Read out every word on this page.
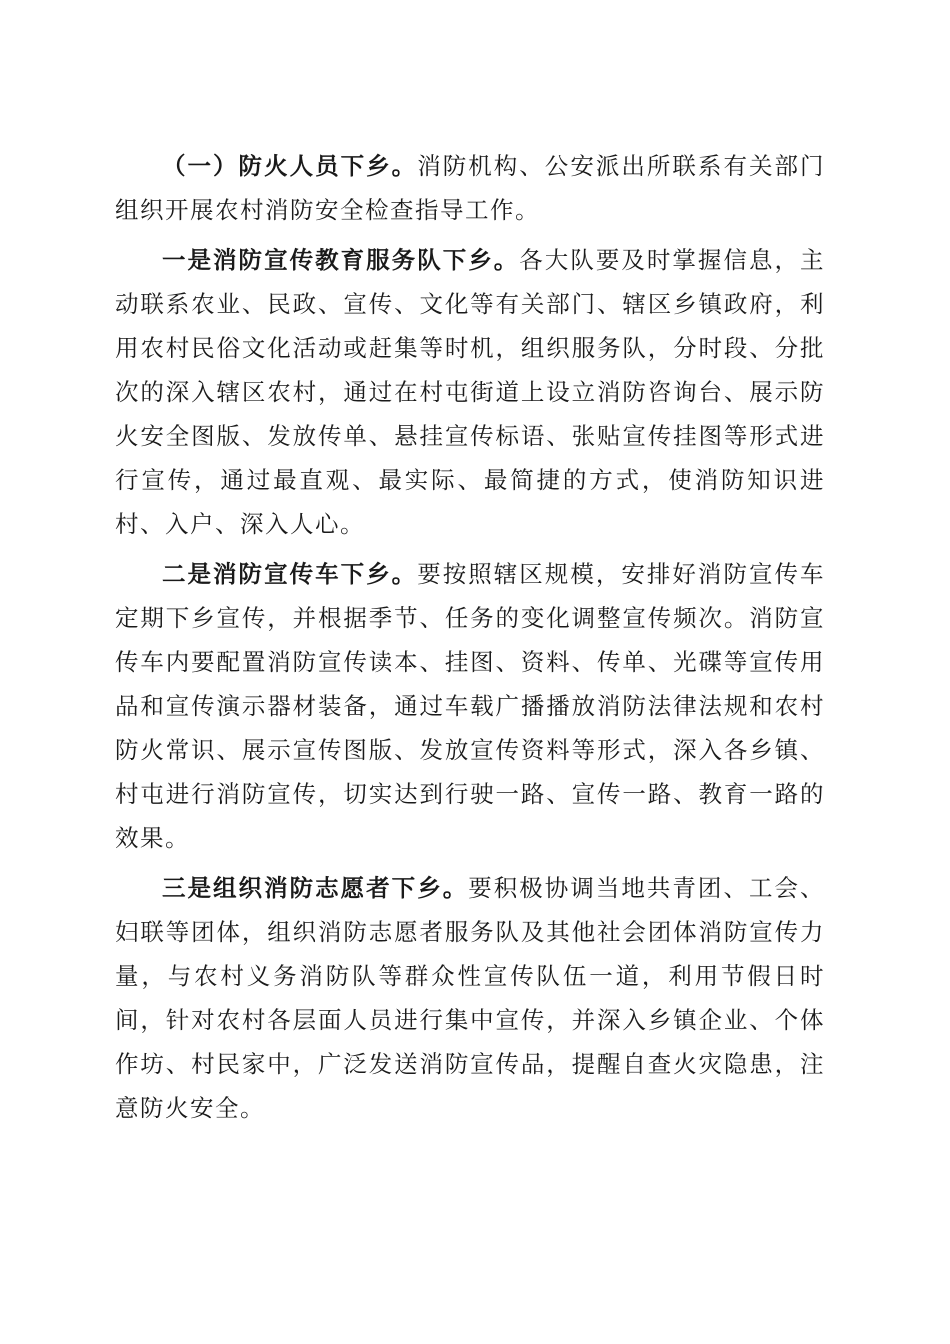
（一）防火人员下乡。消防机构、公安派出所联系有关部门组织开展农村消防安全检查指导工作。

一是消防宣传教育服务队下乡。各大队要及时掌握信息，主动联系农业、民政、宣传、文化等有关部门、辖区乡镇政府，利用农村民俗文化活动或赶集等时机，组织服务队，分时段、分批次的深入辖区农村，通过在村屯街道上设立消防咨询台、展示防火安全图版、发放传单、悬挂宣传标语、张贴宣传挂图等形式进行宣传，通过最直观、最实际、最简捷的方式，使消防知识进村、入户、深入人心。

二是消防宣传车下乡。要按照辖区规模，安排好消防宣传车定期下乡宣传，并根据季节、任务的变化调整宣传频次。消防宣传车内要配置消防宣传读本、挂图、资料、传单、光碟等宣传用品和宣传演示器材装备，通过车载广播播放消防法律法规和农村防火常识、展示宣传图版、发放宣传资料等形式，深入各乡镇、村屯进行消防宣传，切实达到行驶一路、宣传一路、教育一路的效果。

三是组织消防志愿者下乡。要积极协调当地共青团、工会、妇联等团体，组织消防志愿者服务队及其他社会团体消防宣传力量，与农村义务消防队等群众性宣传队伍一道，利用节假日时间，针对农村各层面人员进行集中宣传，并深入乡镇企业、个体作坊、村民家中，广泛发送消防宣传品，提醒自查火灾隐患，注意防火安全。
